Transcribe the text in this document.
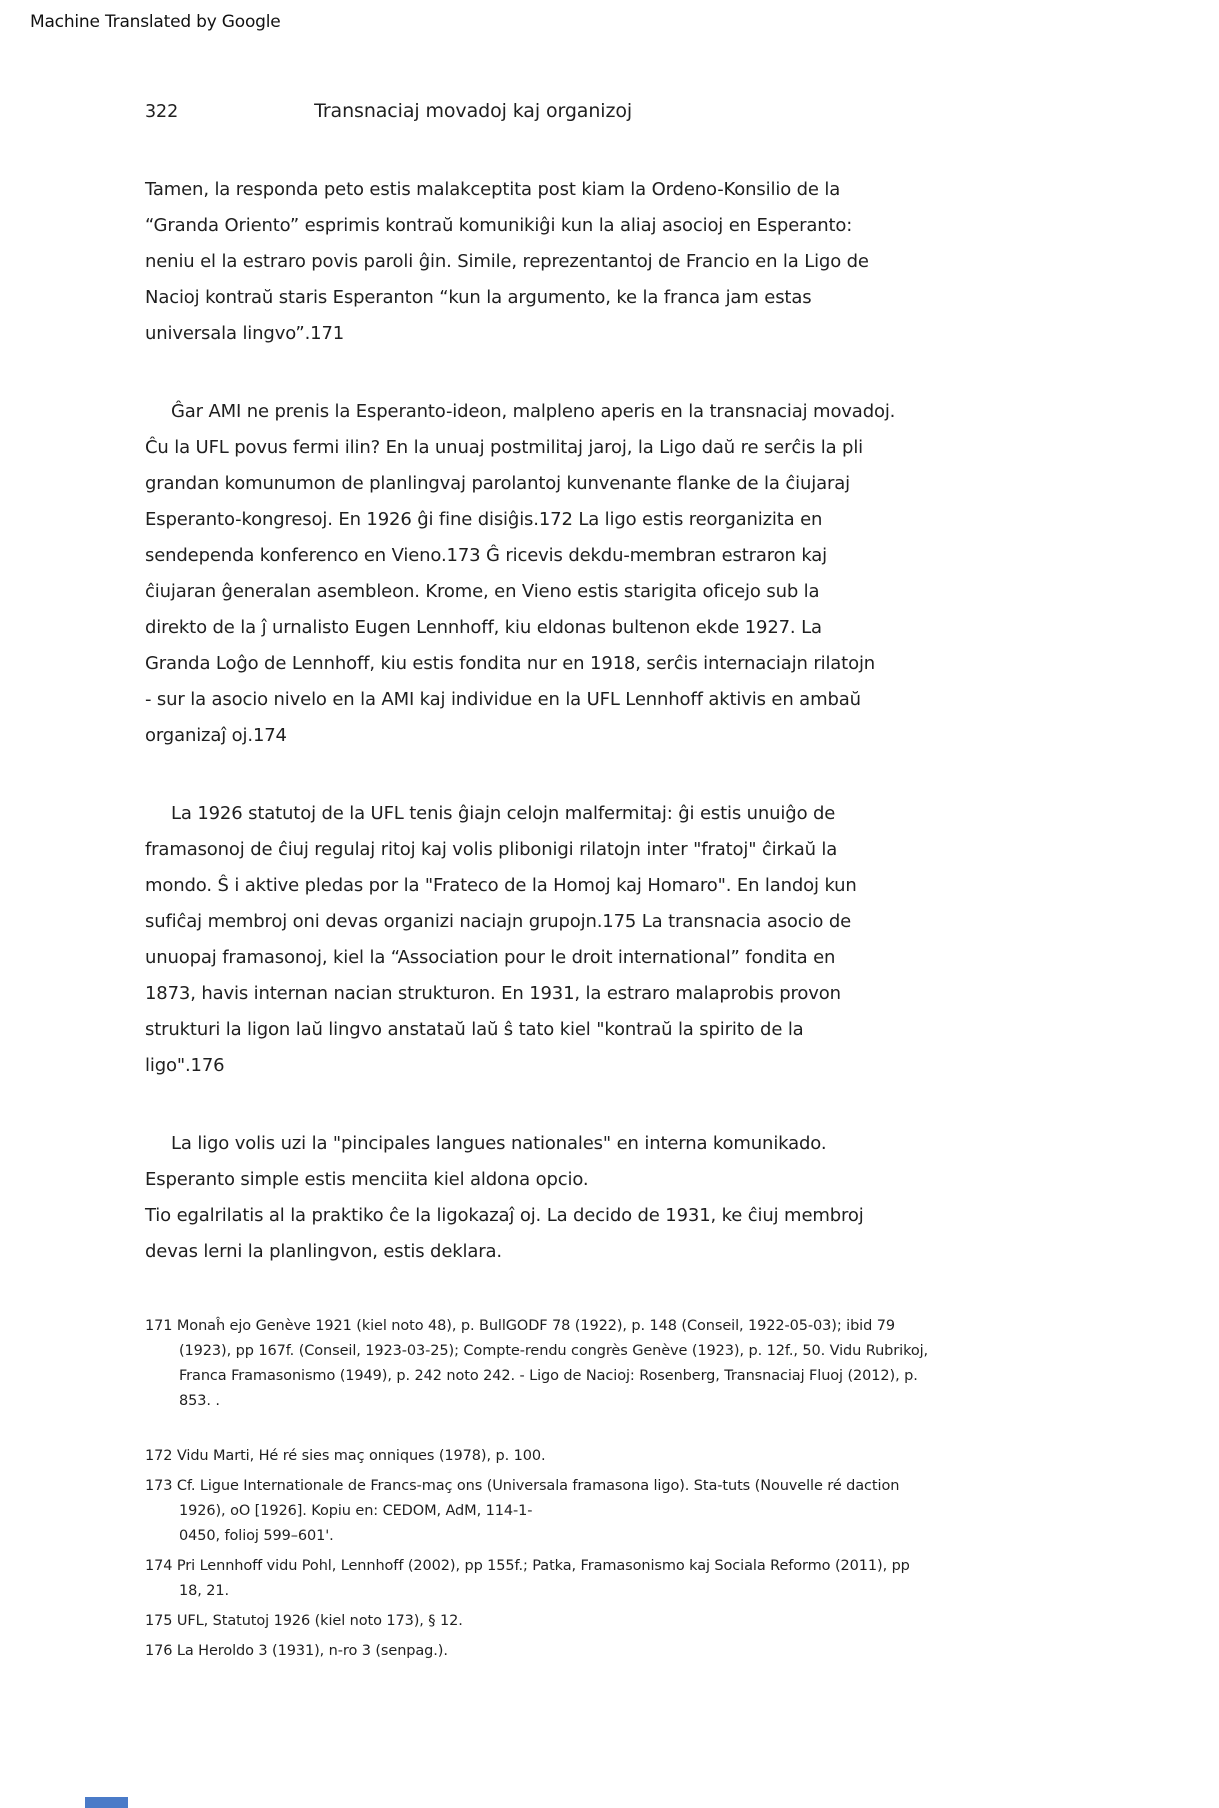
Machine Translated by Google
322	Transnaciaj movadoj kaj organizoj
Tamen, la responda peto estis malakceptita post kiam la Ordeno-Konsilio de la
“Granda Oriento” esprimis kontraŭ komunikiĝi kun la aliaj asocioj en Esperanto:
neniu el la estraro povis paroli ĝin. Simile, reprezentantoj de Francio en la Ligo de
Nacioj kontraŭ staris Esperanton “kun la argumento, ke la franca jam estas
universala lingvo”.171
Ĝar AMI ne prenis la Esperanto-ideon, malpleno aperis en la transnaciaj movadoj.
Ĉu la UFL povus fermi ilin? En la unuaj postmilitaj jaroj, la Ligo daŭ re serĉis la pli
grandan komunumon de planlingvaj parolantoj kunvenante flanke de la ĉiujaraj
Esperanto-kongresoj. En 1926 ĝi fine disiĝis.172 La ligo estis reorganizita en
sendependa konferenco en Vieno.173 Ĝ ricevis dekdu-membran estraron kaj
ĉiujaran ĝeneralan asembleon. Krome, en Vieno estis starigita oficejo sub la
direkto de la ĵ urnalisto Eugen Lennhoff, kiu eldonas bultenon ekde 1927. La
Granda Loĝo de Lennhoff, kiu estis fondita nur en 1918, serĉis internaciajn rilatojn
- sur la asocio nivelo en la AMI kaj individue en la UFL Lennhoff aktivis en ambaŭ
organizaĵ oj.174
La 1926 statutoj de la UFL tenis ĝiajn celojn malfermitaj: ĝi estis unuiĝo de
framasonoj de ĉiuj regulaj ritoj kaj volis plibonigi rilatojn inter "fratoj" ĉirkaŭ la
mondo. Ŝ i aktive pledas por la "Frateco de la Homoj kaj Homaro". En landoj kun
sufiĉaj membroj oni devas organizi naciajn grupojn.175 La transnacia asocio de
unuopaj framasonoj, kiel la “Association pour le droit international” fondita en
1873, havis internan nacian strukturon. En 1931, la estraro malaprobis provon
strukturi la ligon laŭ lingvo anstataŭ laŭ ŝ tato kiel "kontraŭ la spirito de la
ligo".176
La ligo volis uzi la "pincipales langues nationales" en interna komunikado.
Esperanto simple estis menciita kiel aldona opcio.
Tio egalrilatis al la praktiko ĉe la ligokazaĵ oj. La decido de 1931, ke ĉiuj membroj
devas lerni la planlingvon, estis deklara.
171 Monaĥ ejo Genève 1921 (kiel noto 48), p. BullGODF 78 (1922), p. 148 (Conseil, 1922-05-03); ibid 79
(1923), pp 167f. (Conseil, 1923-03-25); Compte-rendu congrès Genève (1923), p. 12f., 50. Vidu Rubrikoj,
Franca Framasonismo (1949), p. 242 noto 242. - Ligo de Nacioj: Rosenberg, Transnaciaj Fluoj (2012), p.
853. .
172 Vidu Marti, Hé ré sies maç onniques (1978), p. 100.
173 Cf. Ligue Internationale de Francs-maç ons (Universala framasona ligo). Sta-tuts (Nouvelle ré daction
1926), oO [1926]. Kopiu en: CEDOM, AdM, 114-1-
0450, folioj 599–601'.
174 Pri Lennhoff vidu Pohl, Lennhoff (2002), pp 155f.; Patka, Framasonismo kaj Sociala Reformo (2011), pp
18, 21.
175 UFL, Statutoj 1926 (kiel noto 173), § 12.
176 La Heroldo 3 (1931), n-ro 3 (senpag.).
